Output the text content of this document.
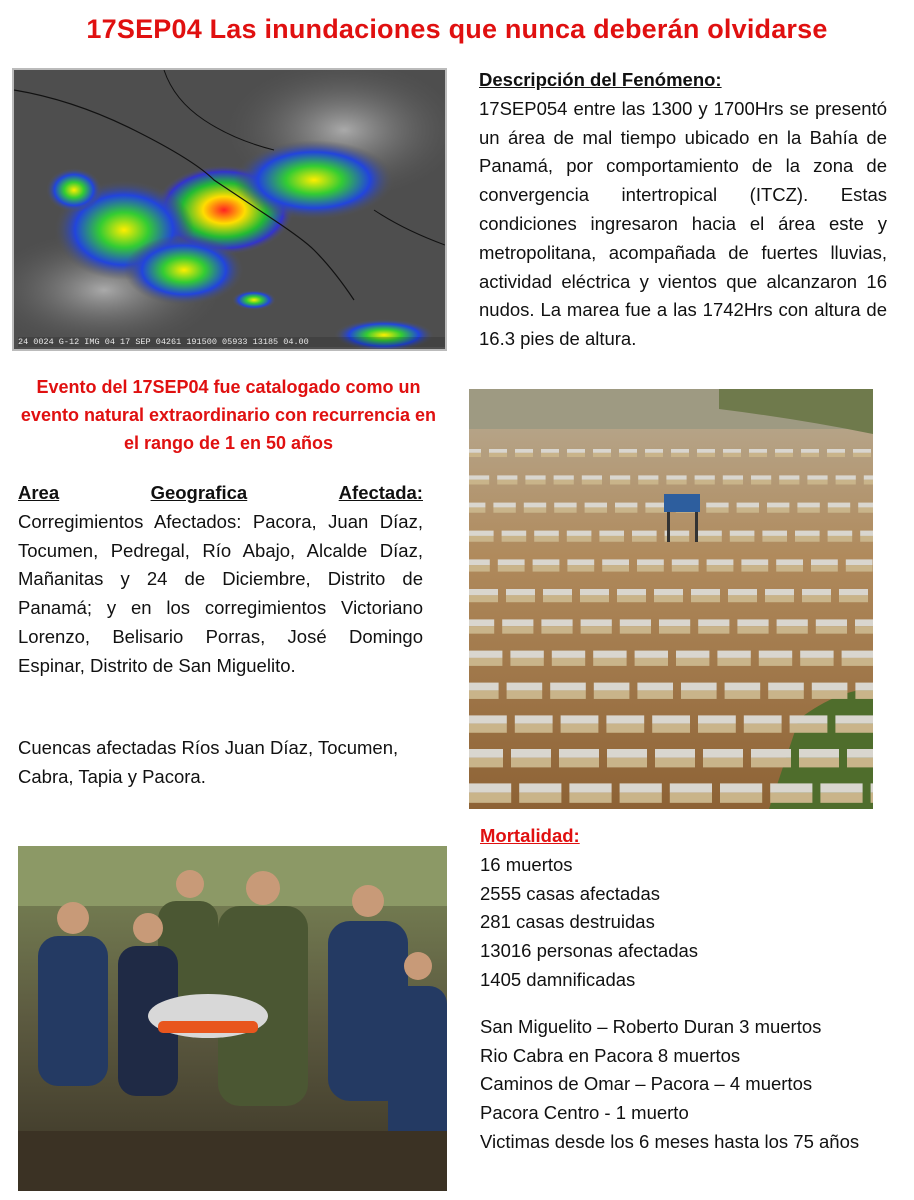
17SEP04 Las inundaciones que nunca deberán olvidarse
24 0024 G-12 IMG 04 17 SEP 04261 191500 05933 13185 04.00
Descripción del Fenómeno:
17SEP054 entre las 1300 y 1700Hrs se presentó un área de mal tiempo ubicado en la Bahía de Panamá, por comportamiento de la zona de convergencia intertropical (ITCZ). Estas condiciones ingresaron hacia el área este y metropolitana, acompañada de fuertes lluvias, actividad eléctrica y vientos que alcanzaron 16 nudos. La marea fue a las 1742Hrs con altura de 16.3 pies de altura.
Evento del 17SEP04 fue catalogado como un evento natural extraordinario con recurrencia en el rango de 1 en 50 años
Area	Geografica	Afectada:
Corregimientos Afectados: Pacora, Juan Díaz, Tocumen, Pedregal, Río Abajo, Alcalde Díaz, Mañanitas y 24 de Diciembre, Distrito de Panamá; y en los corregimientos Victoriano Lorenzo, Belisario Porras, José Domingo Espinar, Distrito de San Miguelito.
Cuencas afectadas Ríos Juan Díaz, Tocumen, Cabra, Tapia y Pacora.
Mortalidad:
16 muertos
2555 casas afectadas
281 casas destruidas
13016 personas afectadas
1405 damnificadas
San Miguelito – Roberto Duran 3 muertos
Rio Cabra en Pacora 8 muertos
Caminos de Omar – Pacora – 4 muertos
Pacora Centro - 1 muerto
Victimas desde los 6 meses hasta los 75 años
